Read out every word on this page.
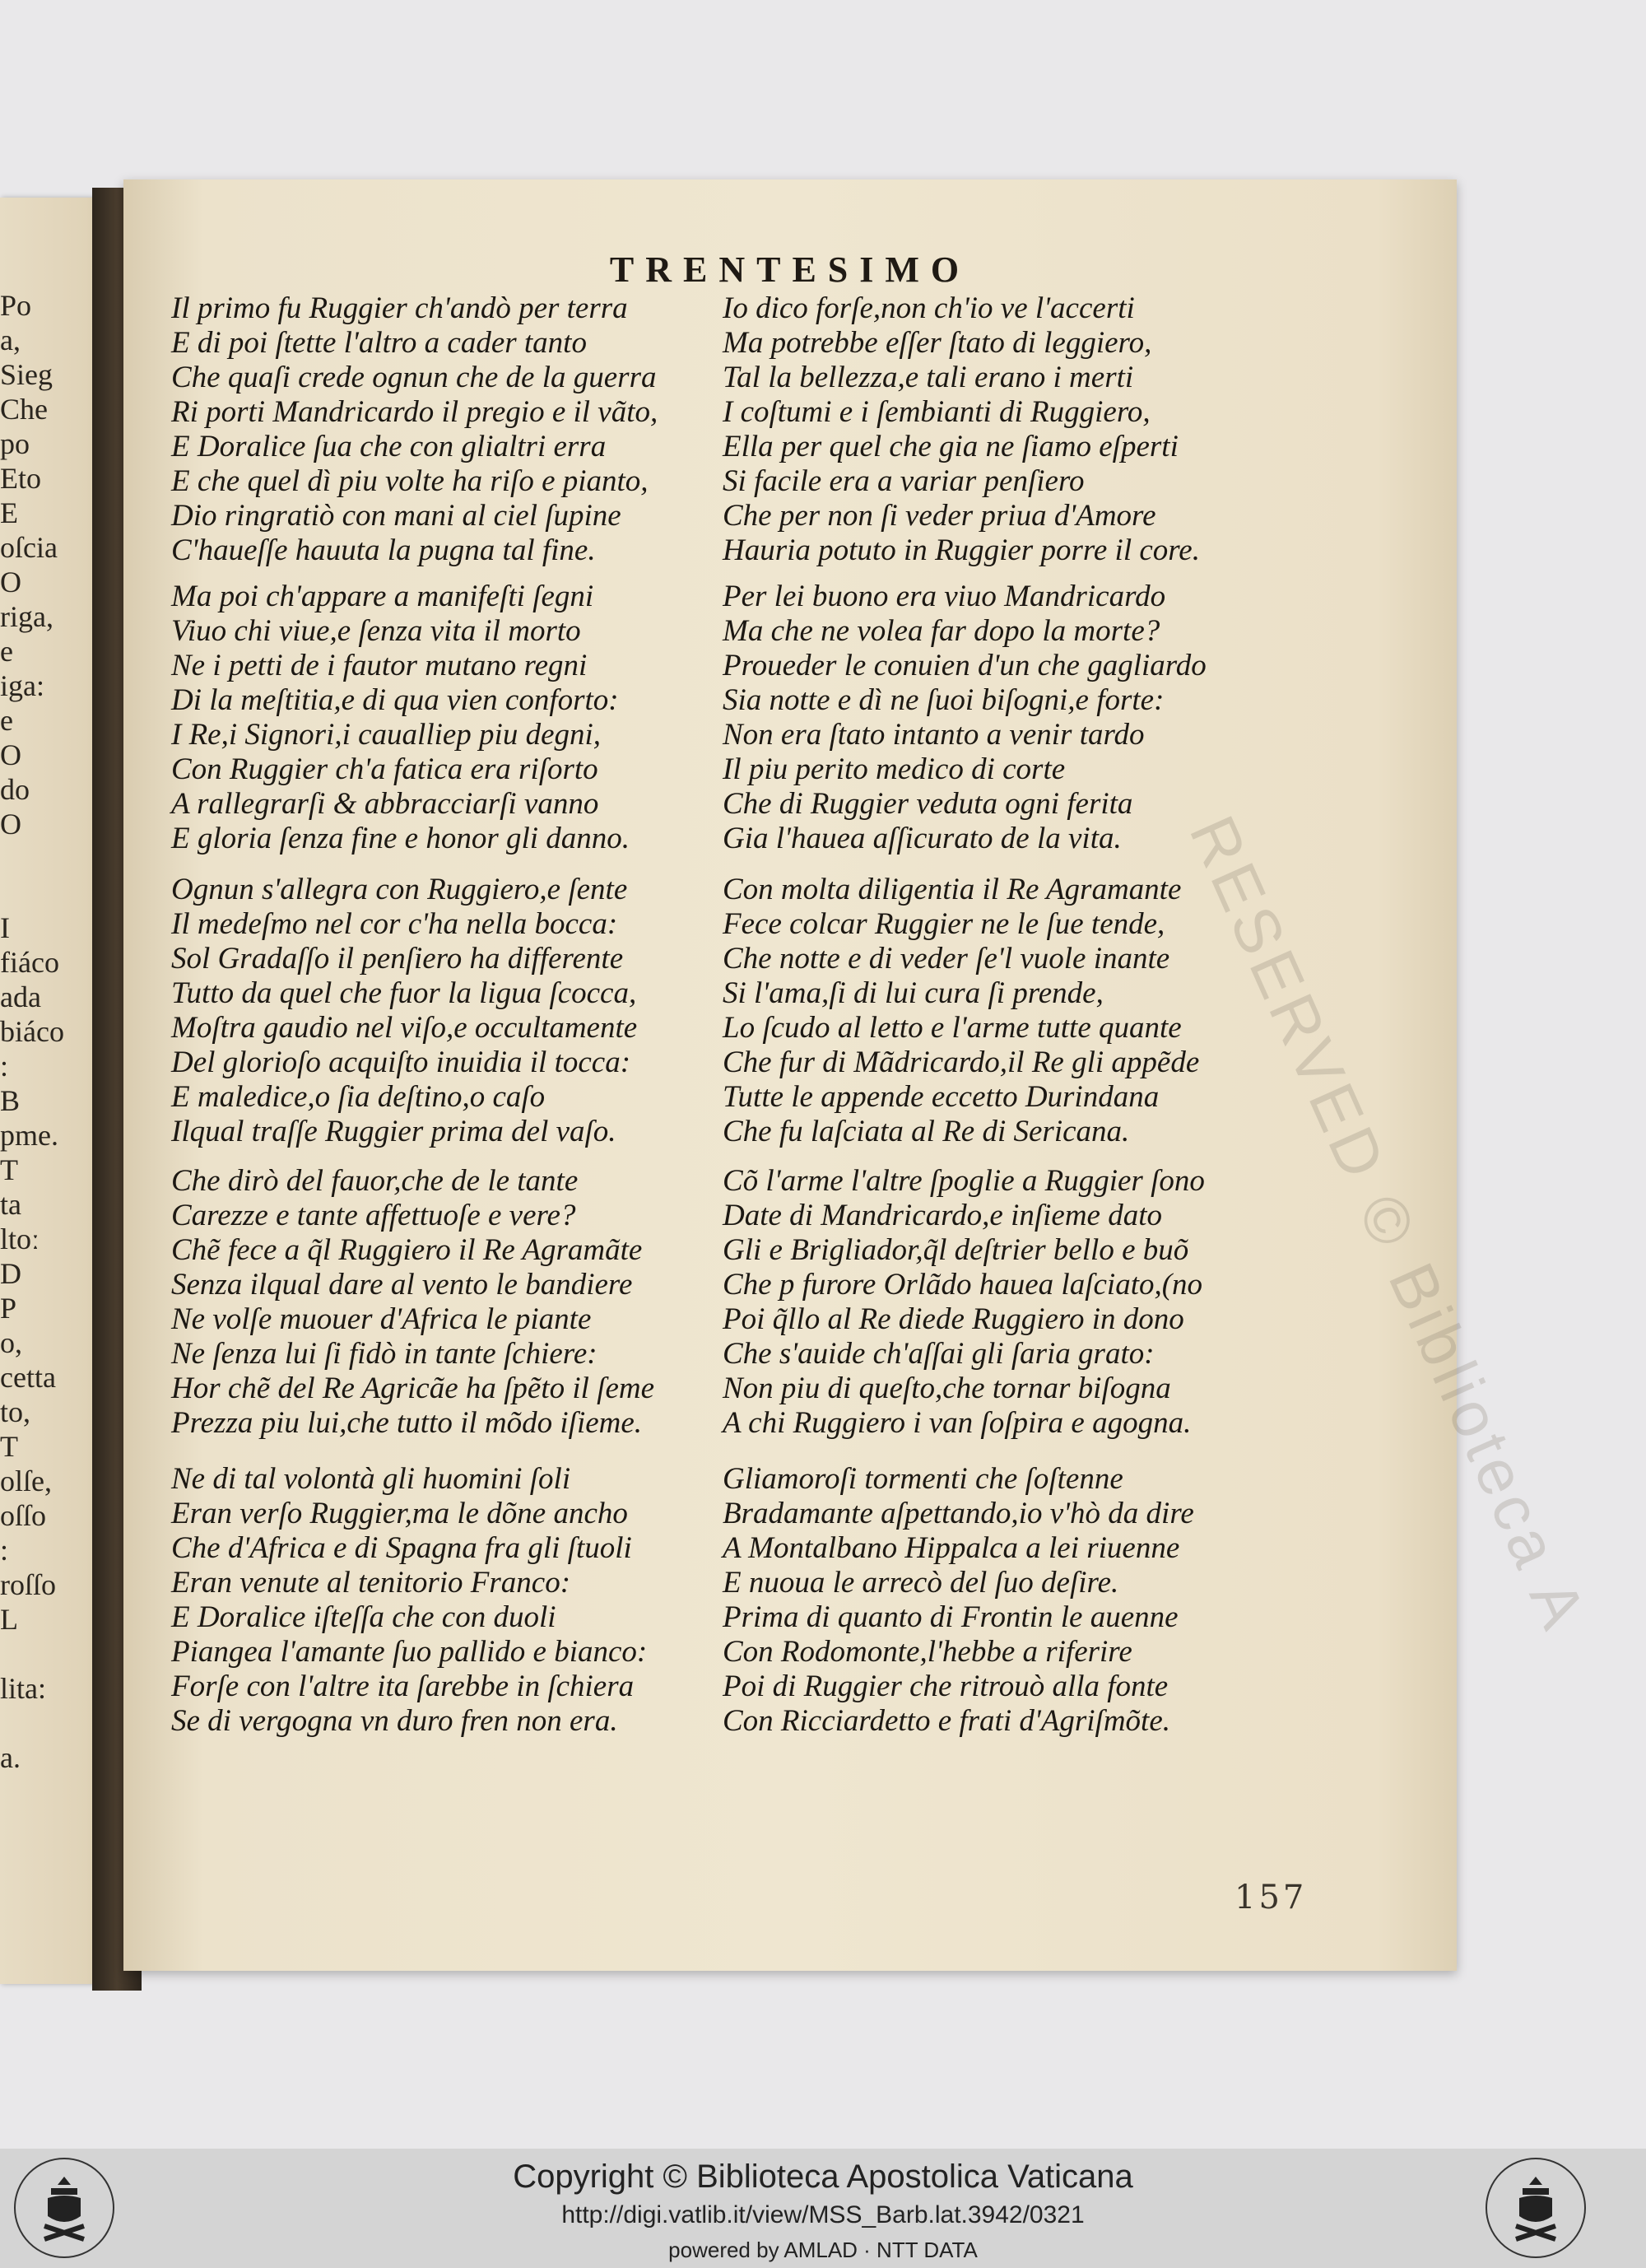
Po
a,
Sieg
Che
po
Eto
E
oſcia
O
riga,
e
iga:
e
O
do
O
I
fiáco
ada
biáco
:
B
pme.
T
ta
ltoː
D
P
o,
cetta
to,
T
olſe,
oſſo
:
roſſo
L
lita:
a.
TRENTESIMO
RESERVED © Biblioteca A
Il primo fu Ruggier ch'andò per terra
E di poi ſtette l'altro a cader tanto
Che quaſi crede ognun che de la guerra
Ri porti Mandricardo il pregio e il vãto,
E Doralice ſua che con glialtri erra
E che quel dì piu volte ha riſo e pianto,
Dio ringratiò con mani al ciel ſupine
C'haueſſe hauuta la pugna tal fine.
Ma poi ch'appare a manifeſti ſegni
Viuo chi viue,e ſenza vita il morto
Ne i petti de i fautor mutano regni
Di la meſtitia,e di qua vien conforto:
I Re,i Signori,i caualliер piu degni,
Con Ruggier ch'a fatica era riſorto
A rallegrarſi & abbracciarſi vanno
E gloria ſenza fine e honor gli danno.
Ognun s'allegra con Ruggiero,e ſente
Il medeſmo nel cor c'ha nella bocca:
Sol Gradaſſo il penſiero ha differente
Tutto da quel che fuor la ligua ſcocca,
Moſtra gaudio nel viſo,e occultamente
Del glorioſo acquiſto inuidia il tocca:
E maledice,o ſia deſtino,o caſo
Ilqual traſſe Ruggier prima del vaſo.
Che dirò del fauor,che de le tante
Carezze e tante affettuoſe e vere?
Chẽ fece a q̃l Ruggiero il Re Agramãte
Senza ilqual dare al vento le bandiere
Ne volſe muouer d'Africa le piante
Ne ſenza lui ſi fidò in tante ſchiere:
Hor chẽ del Re Agricãe ha ſpẽto il ſeme
Prezza piu lui,che tutto il mõdo iſieme.
Ne di tal volontà gli huomini ſoli
Eran verſo Ruggier,ma le dõne ancho
Che d'Africa e di Spagna fra gli ſtuoli
Eran venute al tenitorio Franco:
E Doralice iſteſſa che con duoli
Piangea l'amante ſuo pallido e bianco:
Forſe con l'altre ita ſarebbe in ſchiera
Se di vergogna vn duro fren non era.
Io dico forſe,non ch'io ve l'accerti
Ma potrebbe eſſer ſtato di leggiero,
Tal la bellezza,e tali erano i merti
I coſtumi e i ſembianti di Ruggiero,
Ella per quel che gia ne ſiamo eſperti
Si facile era a variar penſiero
Che per non ſi veder priua d'Amore
Hauria potuto in Ruggier porre il core.
Per lei buono era viuo Mandricardo
Ma che ne volea far dopo la morte?
Proueder le conuien d'un che gagliardo
Sia notte e dì ne ſuoi biſogni,e forte:
Non era ſtato intanto a venir tardo
Il piu perito medico di corte
Che di Ruggier veduta ogni ferita
Gia l'hauea aſſicurato de la vita.
Con molta diligentia il Re Agramante
Fece colcar Ruggier ne le ſue tende,
Che notte e di veder ſe'l vuole inante
Si l'ama,ſi di lui cura ſi prende,
Lo ſcudo al letto e l'arme tutte quante
Che fur di Mãdricardo,il Re gli appẽde
Tutte le appende eccetto Durindana
Che fu laſciata al Re di Sericana.
Cõ l'arme l'altre ſpoglie a Ruggier ſono
Date di Mandricardo,e inſieme dato
Gli e Brigliador,q̃l deſtrier bello e buõ
Che p furore Orlãdo hauea laſciato,(no
Poi q̃llo al Re diede Ruggiero in dono
Che s'auide ch'aſſai gli ſaria grato:
Non piu di queſto,che tornar biſogna
A chi Ruggiero i van ſoſpira e agogna.
Gliamoroſi tormenti che ſoſtenne
Bradamante aſpettando,io v'hò da dire
A Montalbano Hippalca a lei riuenne
E nuoua le arrecò del ſuo deſire.
Prima di quanto di Frontin le auenne
Con Rodomonte,l'hebbe a riferire
Poi di Ruggier che ritrouò alla fonte
Con Ricciardetto e frati d'Agriſmõte.
157
Copyright © Biblioteca Apostolica Vaticana
http://digi.vatlib.it/view/MSS_Barb.lat.3942/0321
powered by AMLAD · NTT DATA
